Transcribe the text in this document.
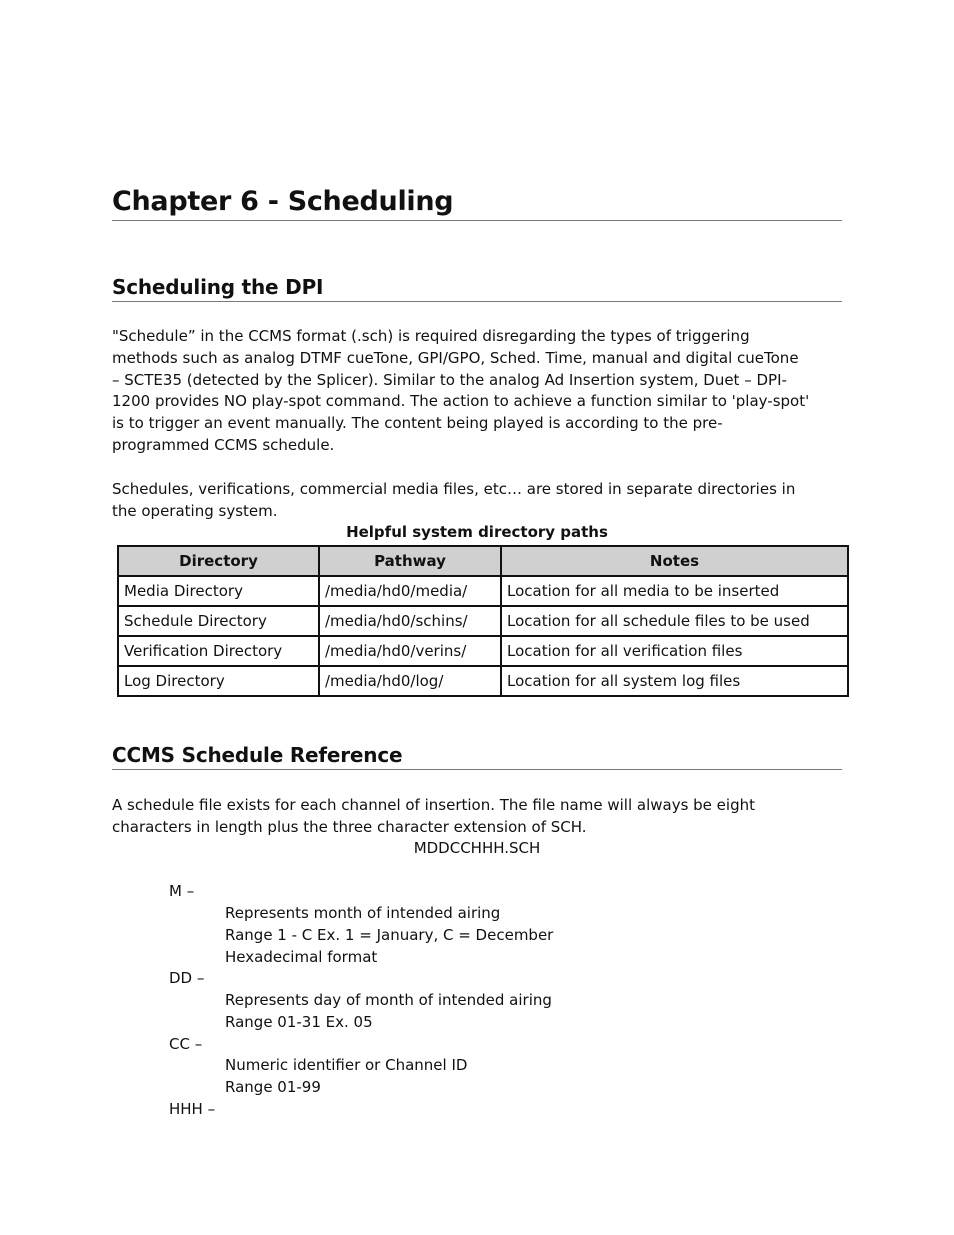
Chapter 6 - Scheduling
Scheduling the DPI
"Schedule” in the CCMS format (.sch) is required disregarding the types of triggering
methods such as analog DTMF cueTone, GPI/GPO, Sched. Time, manual and digital cueTone
– SCTE35 (detected by the Splicer). Similar to the analog Ad Insertion system, Duet – DPI-
1200 provides NO play-spot command. The action to achieve a function similar to 'play-spot'
is to trigger an event manually. The content being played is according to the pre-
programmed CCMS schedule.
Schedules, verifications, commercial media files, etc… are stored in separate directories in
the operating system.
Helpful system directory paths
Directory	Pathway	Notes
Media Directory	/media/hd0/media/	Location for all media to be inserted
Schedule Directory	/media/hd0/schins/	Location for all schedule files to be used
Verification Directory	/media/hd0/verins/	Location for all verification files
Log Directory	/media/hd0/log/	Location for all system log files
CCMS Schedule Reference
A schedule file exists for each channel of insertion. The file name will always be eight
characters in length plus the three character extension of SCH.
MDDCCHHH.SCH
M –
Represents month of intended airing
Range 1 - C Ex. 1 = January, C = December
Hexadecimal format
DD –
Represents day of month of intended airing
Range 01-31 Ex. 05
CC –
Numeric identifier or Channel ID
Range 01-99
HHH –
